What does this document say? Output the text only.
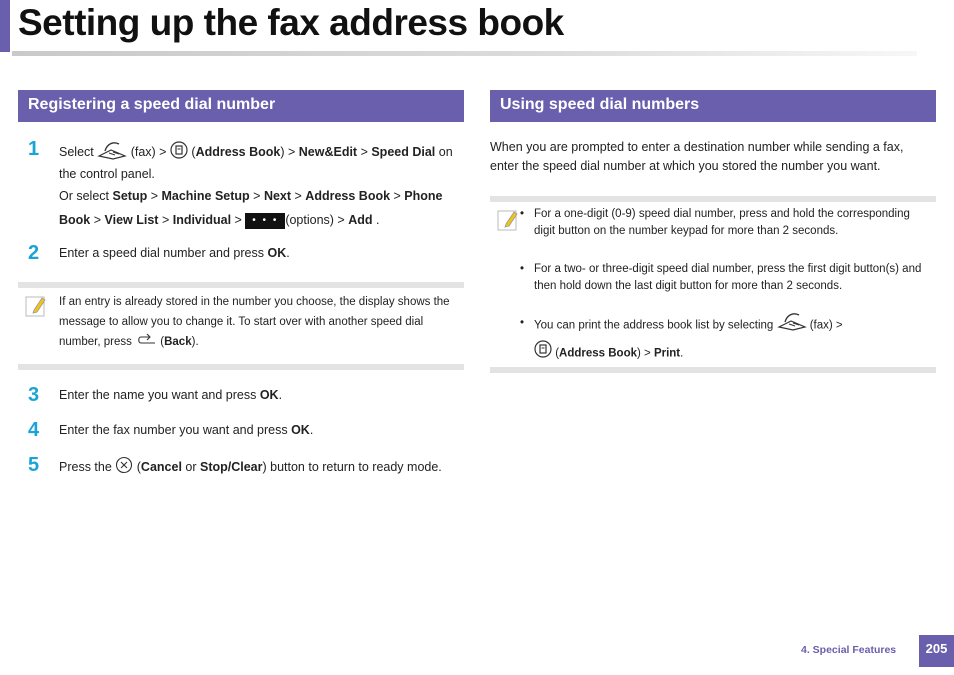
Setting up the fax address book
Registering a speed dial number
1 Select  (fax) >  (Address Book) > New&Edit > Speed Dial on the control panel.
Or select Setup > Machine Setup > Next > Address Book > Phone Book > View List > Individual > • • • (options) > Add .
2 Enter a speed dial number and press OK.
If an entry is already stored in the number you choose, the display shows the message to allow you to change it. To start over with another speed dial number, press  (Back).
3 Enter the name you want and press OK.
4 Enter the fax number you want and press OK.
5 Press the  (Cancel or Stop/Clear) button to return to ready mode.
Using speed dial numbers
When you are prompted to enter a destination number while sending a fax, enter the speed dial number at which you stored the number you want.
• For a one-digit (0-9) speed dial number, press and hold the corresponding digit button on the number keypad for more than 2 seconds.
• For a two- or three-digit speed dial number, press the first digit button(s) and then hold down the last digit button for more than 2 seconds.
• You can print the address book list by selecting	(fax) >
(Address Book) > Print.
4. Special Features	205
